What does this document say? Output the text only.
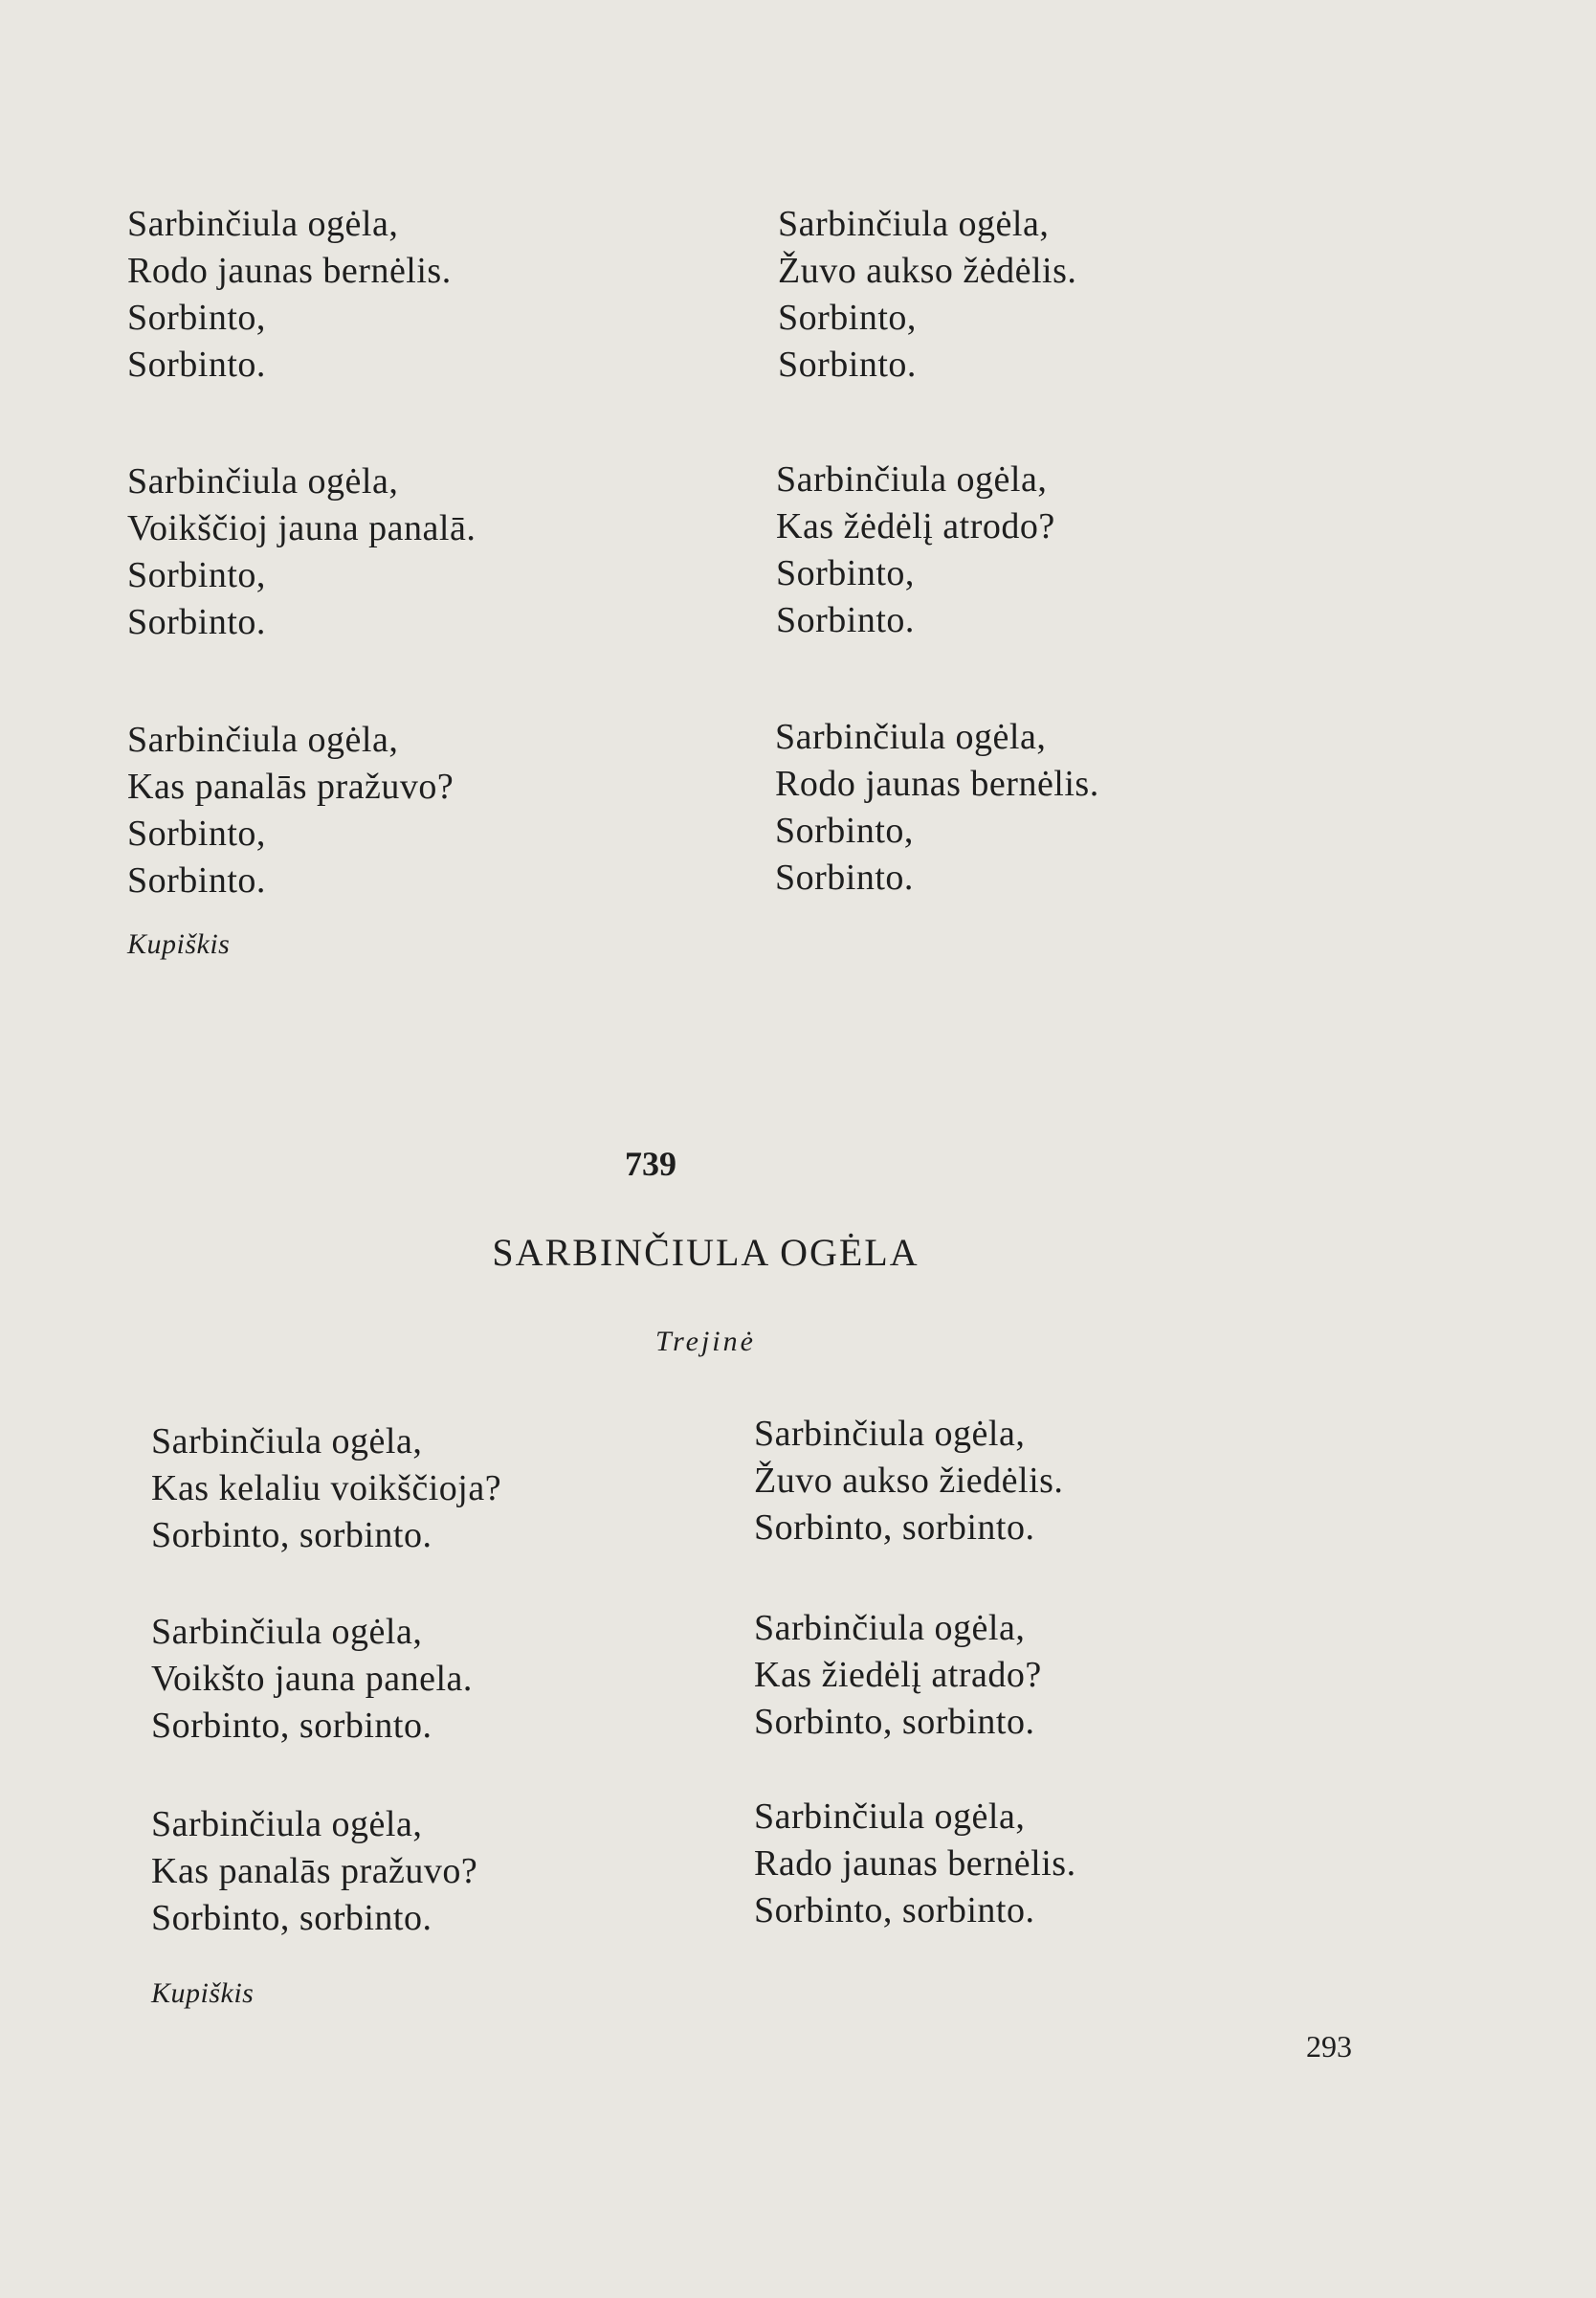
Sarbinčiula ogėla,
Rodo jaunas bernėlis.
Sorbinto,
Sorbinto.
Sarbinčiula ogėla,
Voikščioj jauna panalā.
Sorbinto,
Sorbinto.
Sarbinčiula ogėla,
Kas panalās pražuvo?
Sorbinto,
Sorbinto.
Sarbinčiula ogėla,
Žuvo aukso žėdėlis.
Sorbinto,
Sorbinto.
Sarbinčiula ogėla,
Kas žėdėlį atrodo?
Sorbinto,
Sorbinto.
Sarbinčiula ogėla,
Rodo jaunas bernėlis.
Sorbinto,
Sorbinto.
Kupiškis
739
SARBINČIULA OGĖLA
Trejinė
Sarbinčiula ogėla,
Kas kelaliu voikščioja?
Sorbinto, sorbinto.
Sarbinčiula ogėla,
Voikšto jauna panela.
Sorbinto, sorbinto.
Sarbinčiula ogėla,
Kas panalās pražuvo?
Sorbinto, sorbinto.
Sarbinčiula ogėla,
Žuvo aukso žiedėlis.
Sorbinto, sorbinto.
Sarbinčiula ogėla,
Kas žiedėlį atrado?
Sorbinto, sorbinto.
Sarbinčiula ogėla,
Rado jaunas bernėlis.
Sorbinto, sorbinto.
Kupiškis
293
